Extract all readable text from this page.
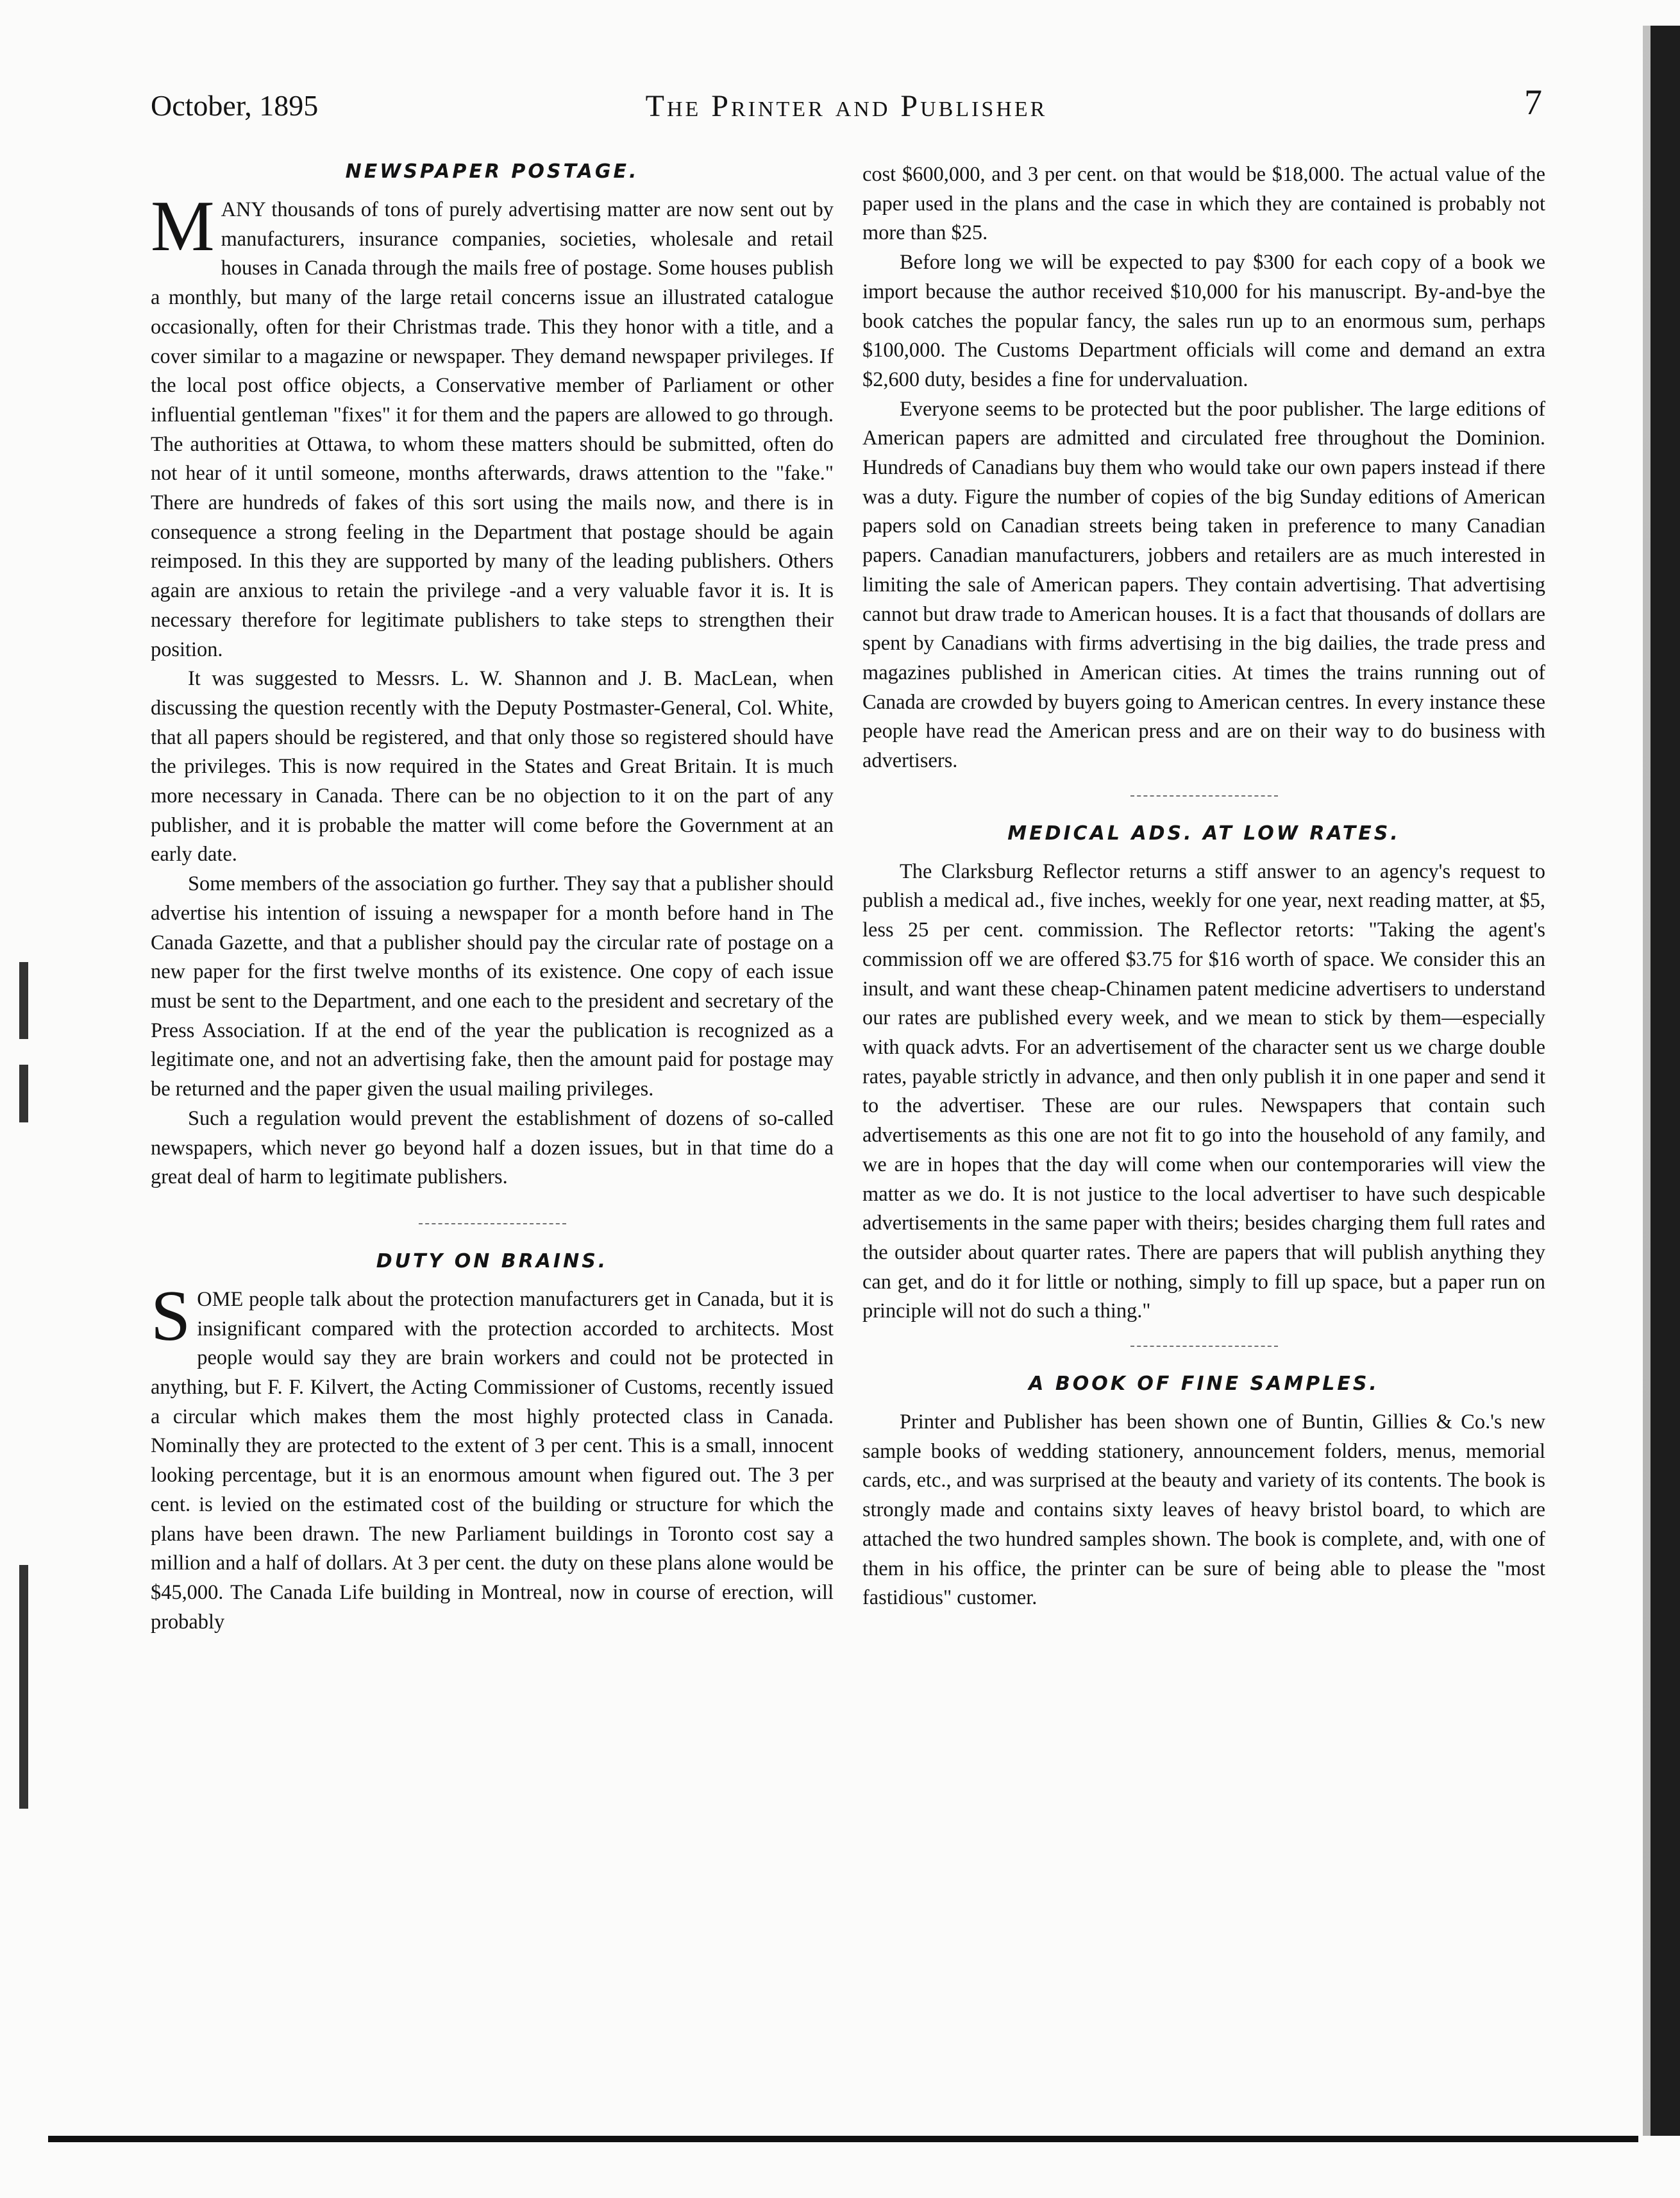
October, 1895	The Printer and Publisher	7
NEWSPAPER POSTAGE.

MANY thousands of tons of purely advertising matter are now sent out by manufacturers, insurance companies, societies, wholesale and retail houses in Canada through the mails free of postage. Some houses publish a monthly, but many of the large retail concerns issue an illustrated catalogue occasionally, often for their Christmas trade. This they honor with a title, and a cover similar to a magazine or newspaper. They demand newspaper privileges. If the local post office objects, a Conservative member of Parliament or other influential gentleman "fixes" it for them and the papers are allowed to go through. The authorities at Ottawa, to whom these matters should be submitted, often do not hear of it until someone, months afterwards, draws attention to the "fake." There are hundreds of fakes of this sort using the mails now, and there is in consequence a strong feeling in the Department that postage should be again reimposed. In this they are supported by many of the leading publishers. Others again are anxious to retain the privilege -and a very valuable favor it is. It is necessary therefore for legitimate publishers to take steps to strengthen their position.

It was suggested to Messrs. L. W. Shannon and J. B. MacLean, when discussing the question recently with the Deputy Postmaster-General, Col. White, that all papers should be registered, and that only those so registered should have the privileges. This is now required in the States and Great Britain. It is much more necessary in Canada. There can be no objection to it on the part of any publisher, and it is probable the matter will come before the Government at an early date.

Some members of the association go further. They say that a publisher should advertise his intention of issuing a newspaper for a month before hand in The Canada Gazette, and that a publisher should pay the circular rate of postage on a new paper for the first twelve months of its existence. One copy of each issue must be sent to the Department, and one each to the president and secretary of the Press Association. If at the end of the year the publication is recognized as a legitimate one, and not an advertising fake, then the amount paid for postage may be returned and the paper given the usual mailing privileges.

Such a regulation would prevent the establishment of dozens of so-called newspapers, which never go beyond half a dozen issues, but in that time do a great deal of harm to legitimate publishers.

DUTY ON BRAINS.

SOME people talk about the protection manufacturers get in Canada, but it is insignificant compared with the protection accorded to architects. Most people would say they are brain workers and could not be protected in anything, but F. F. Kilvert, the Acting Commissioner of Customs, recently issued a circular which makes them the most highly protected class in Canada. Nominally they are protected to the extent of 3 per cent. This is a small, innocent looking percentage, but it is an enormous amount when figured out. The 3 per cent. is levied on the estimated cost of the building or structure for which the plans have been drawn. The new Parliament buildings in Toronto cost say a million and a half of dollars. At 3 per cent. the duty on these plans alone would be $45,000. The Canada Life building in Montreal, now in course of erection, will probably

cost $600,000, and 3 per cent. on that would be $18,000. The actual value of the paper used in the plans and the case in which they are contained is probably not more than $25.

Before long we will be expected to pay $300 for each copy of a book we import because the author received $10,000 for his manuscript. By-and-bye the book catches the popular fancy, the sales run up to an enormous sum, perhaps $100,000. The Customs Department officials will come and demand an extra $2,600 duty, besides a fine for undervaluation.

Everyone seems to be protected but the poor publisher. The large editions of American papers are admitted and circulated free throughout the Dominion. Hundreds of Canadians buy them who would take our own papers instead if there was a duty. Figure the number of copies of the big Sunday editions of American papers sold on Canadian streets being taken in preference to many Canadian papers. Canadian manufacturers, jobbers and retailers are as much interested in limiting the sale of American papers. They contain advertising. That advertising cannot but draw trade to American houses. It is a fact that thousands of dollars are spent by Canadians with firms advertising in the big dailies, the trade press and magazines published in American cities. At times the trains running out of Canada are crowded by buyers going to American centres. In every instance these people have read the American press and are on their way to do business with advertisers.

MEDICAL ADS. AT LOW RATES.

The Clarksburg Reflector returns a stiff answer to an agency's request to publish a medical ad., five inches, weekly for one year, next reading matter, at $5, less 25 per cent. commission. The Reflector retorts: "Taking the agent's commission off we are offered $3.75 for $16 worth of space. We consider this an insult, and want these cheap-Chinamen patent medicine advertisers to understand our rates are published every week, and we mean to stick by them—especially with quack advts. For an advertisement of the character sent us we charge double rates, payable strictly in advance, and then only publish it in one paper and send it to the advertiser. These are our rules. Newspapers that contain such advertisements as this one are not fit to go into the household of any family, and we are in hopes that the day will come when our contemporaries will view the matter as we do. It is not justice to the local advertiser to have such despicable advertisements in the same paper with theirs; besides charging them full rates and the outsider about quarter rates. There are papers that will publish anything they can get, and do it for little or nothing, simply to fill up space, but a paper run on principle will not do such a thing."

A BOOK OF FINE SAMPLES.

Printer and Publisher has been shown one of Buntin, Gillies & Co.'s new sample books of wedding stationery, announcement folders, menus, memorial cards, etc., and was surprised at the beauty and variety of its contents. The book is strongly made and contains sixty leaves of heavy bristol board, to which are attached the two hundred samples shown. The book is complete, and, with one of them in his office, the printer can be sure of being able to please the "most fastidious" customer.
